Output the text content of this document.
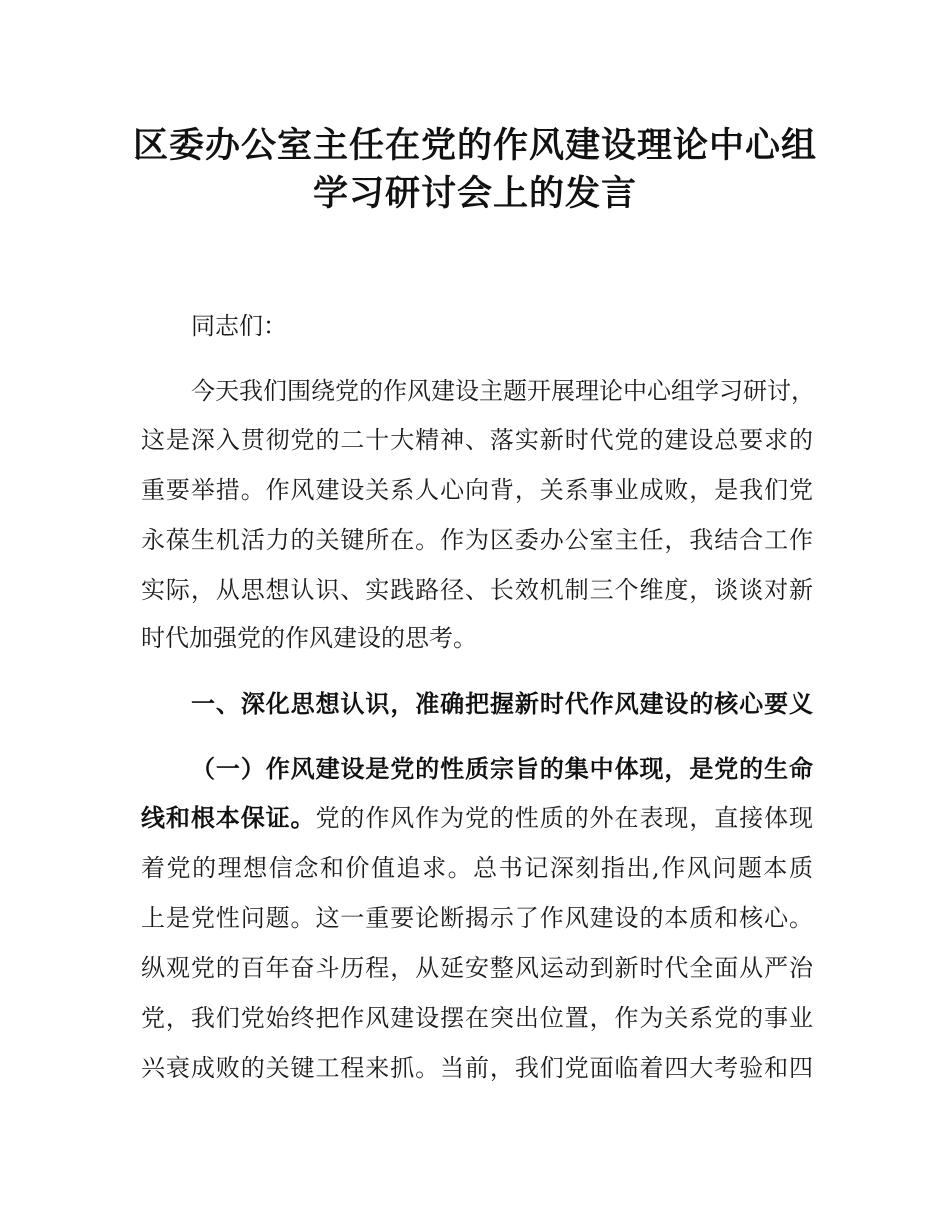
区委办公室主任在党的作风建设理论中心组
学习研讨会上的发言

同志们：

今天我们围绕党的作风建设主题开展理论中心组学习研讨，

这是深入贯彻党的二十大精神、落实新时代党的建设总要求的

重要举措。作风建设关系人心向背，关系事业成败，是我们党

永葆生机活力的关键所在。作为区委办公室主任，我结合工作

实际，从思想认识、实践路径、长效机制三个维度，谈谈对新

时代加强党的作风建设的思考。

一、深化思想认识，准确把握新时代作风建设的核心要义

（一）作风建设是党的性质宗旨的集中体现，是党的生命

线和根本保证。党的作风作为党的性质的外在表现，直接体现

着党的理想信念和价值追求。总书记深刻指出,作风问题本质

上是党性问题。这一重要论断揭示了作风建设的本质和核心。

纵观党的百年奋斗历程，从延安整风运动到新时代全面从严治

党，我们党始终把作风建设摆在突出位置，作为关系党的事业

兴衰成败的关键工程来抓。当前，我们党面临着四大考验和四
